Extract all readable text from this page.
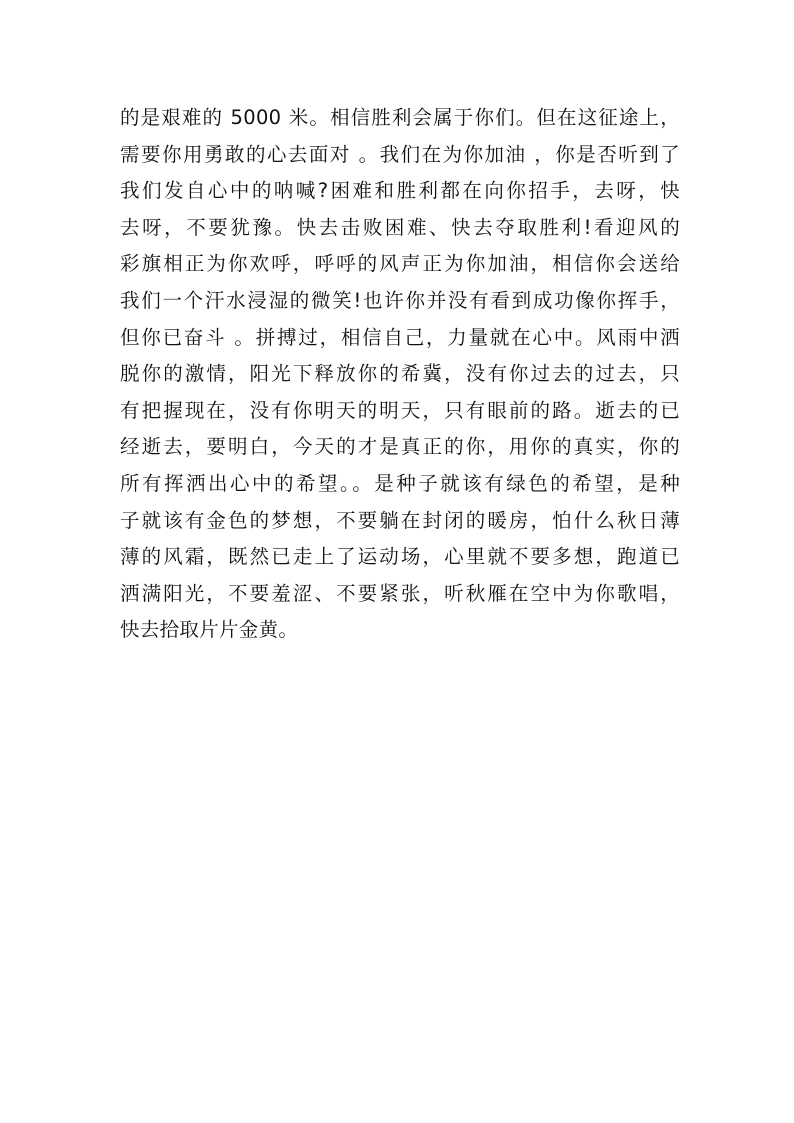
的是艰难的 5000 米。相信胜利会属于你们。但在这征途上，
需要你用勇敢的心去面对 。我们在为你加油 ，你是否听到了
我们发自心中的呐喊?困难和胜利都在向你招手，去呀，快
去呀，不要犹豫。快去击败困难、快去夺取胜利!看迎风的
彩旗相正为你欢呼，呼呼的风声正为你加油，相信你会送给
我们一个汗水浸湿的微笑!也许你并没有看到成功像你挥手，
但你已奋斗 。拼搏过，相信自己，力量就在心中。风雨中洒
脱你的激情，阳光下释放你的希冀，没有你过去的过去，只
有把握现在，没有你明天的明天，只有眼前的路。逝去的已
经逝去，要明白，今天的才是真正的你，用你的真实，你的
所有挥洒出心中的希望。。是种子就该有绿色的希望，是种
子就该有金色的梦想，不要躺在封闭的暖房，怕什么秋日薄
薄的风霜，既然已走上了运动场，心里就不要多想，跑道已
洒满阳光，不要羞涩、不要紧张，听秋雁在空中为你歌唱，
快去拾取片片金黄。
